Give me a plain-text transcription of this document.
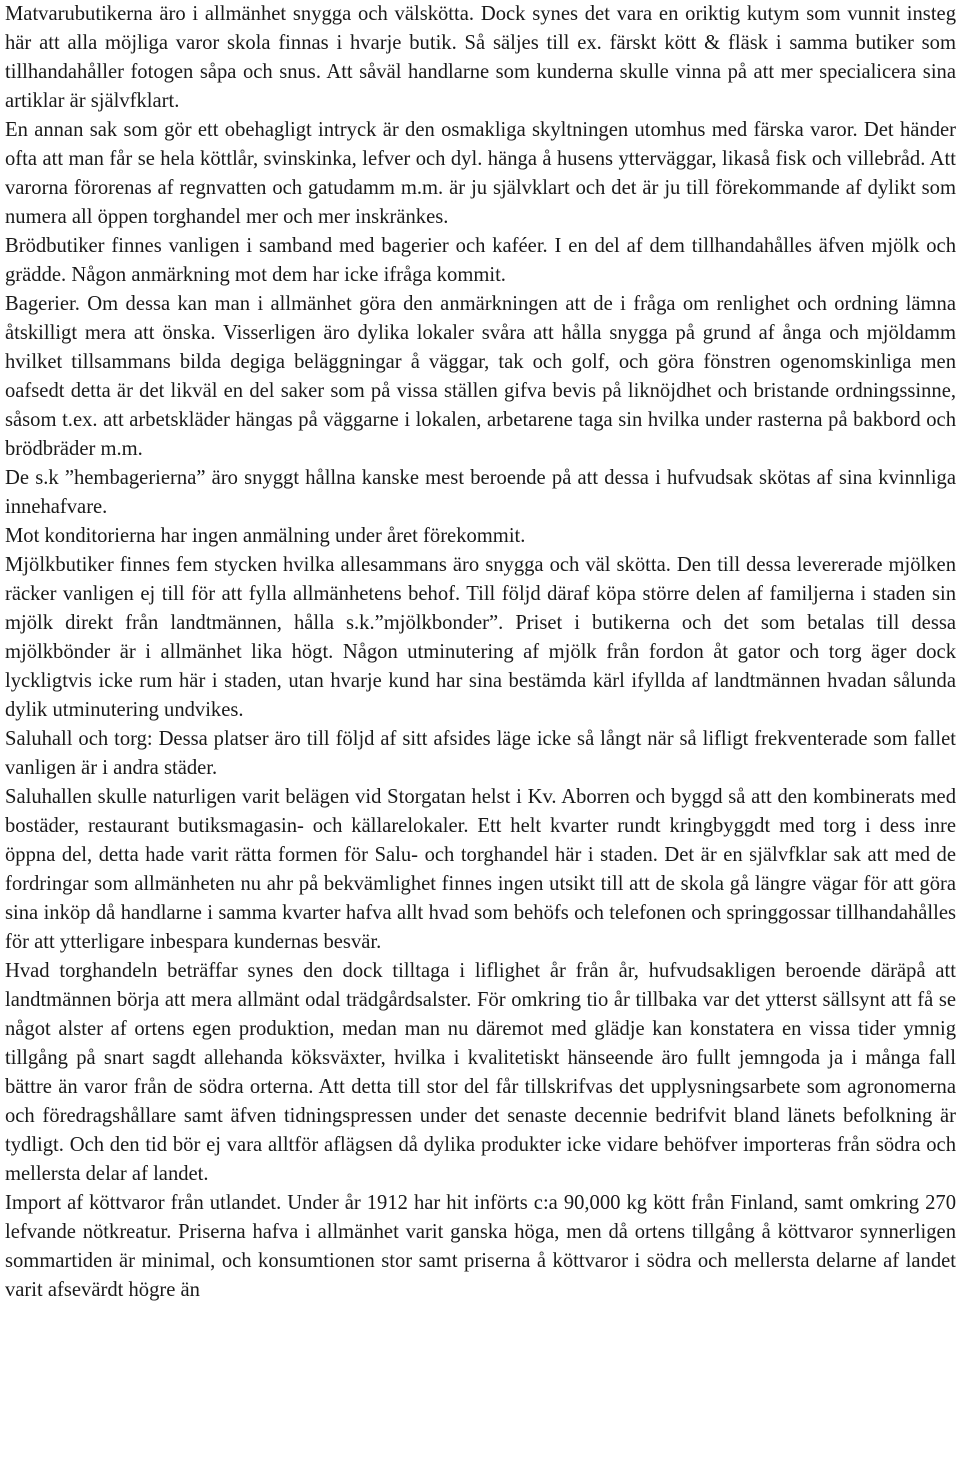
Matvarubutikerna äro i allmänhet snygga och välskötta. Dock synes det vara en oriktig kutym som vunnit insteg här att alla möjliga varor skola finnas i hvarje butik. Så säljes till ex. färskt kött & fläsk i samma butiker som tillhandahåller fotogen såpa och snus. Att såväl handlarne som kunderna skulle vinna på att mer specialicera sina artiklar är självfklart.

En annan sak som gör ett obehagligt intryck är den osmakliga skyltningen utomhus med färska varor. Det händer ofta att man får se hela köttlår, svinskinka, lefver och dyl. hänga å husens ytterväggar, likaså fisk och villebråd. Att varorna förorenas af regnvatten och gatudamm m.m. är ju självklart och det är ju till förekommande af dylikt som numera all öppen torghandel mer och mer inskränkes.

Brödbutiker finnes vanligen i samband med bagerier och kaféer. I en del af dem tillhandahålles äfven mjölk och grädde. Någon anmärkning mot dem har icke ifråga kommit.

Bagerier. Om dessa kan man i allmänhet göra den anmärkningen att de i fråga om renlighet och ordning lämna åtskilligt mera att önska. Visserligen äro dylika lokaler svåra att hålla snygga på grund af ånga och mjöldamm hvilket tillsammans bilda degiga beläggningar å väggar, tak och golf, och göra fönstren ogenomskinliga men oafsedt detta är det likväl en del saker som på vissa ställen gifva bevis på liknöjdhet och bristande ordningssinne, såsom t.ex. att arbetskläder hängas på väggarne i lokalen, arbetarene taga sin hvilka under rasterna på bakbord och brödbräder m.m.

De s.k ”hembagerierna” äro snyggt hållna kanske mest beroende på att dessa i hufvudsak skötas af sina kvinnliga innehafvare.

Mot konditorierna har ingen anmälning under året förekommit.

Mjölkbutiker finnes fem stycken hvilka allesammans äro snygga och väl skötta. Den till dessa levererade mjölken räcker vanligen ej till för att fylla allmänhetens behof. Till följd däraf köpa större delen af familjerna i staden sin mjölk direkt från landtmännen, hålla s.k.”mjölkbonder”. Priset i butikerna och det som betalas till dessa mjölkbönder är i allmänhet lika högt. Någon utminutering af mjölk från fordon åt gator och torg äger dock lyckligtvis icke rum här i staden, utan hvarje kund har sina bestämda kärl ifyllda af landtmännen hvadan sålunda dylik utminutering undvikes.

Saluhall och torg: Dessa platser äro till följd af sitt afsides läge icke så långt när så lifligt frekventerade som fallet vanligen är i andra städer.

Saluhallen skulle naturligen varit belägen vid Storgatan helst i Kv. Aborren och byggd så att den kombinerats med bostäder, restaurant butiksmagasin- och källarelokaler. Ett helt kvarter rundt kringbyggdt med torg i dess inre öppna del, detta hade varit rätta formen för Salu- och torghandel här i staden. Det är en självfklar sak att med de fordringar som allmänheten nu ahr på bekvämlighet finnes ingen utsikt till att de skola gå längre vägar för att göra sina inköp då handlarne i samma kvarter hafva allt hvad som behöfs och telefonen och springgossar tillhandahålles för att ytterligare inbespara kundernas besvär.

Hvad torghandeln beträffar synes den dock tilltaga i liflighet år från år, hufvudsakligen beroende däräpå att landtmännen börja att mera allmänt odal trädgårdsalster. För omkring tio år tillbaka var det ytterst sällsynt att få se något alster af ortens egen produktion, medan man nu däremot med glädje kan konstatera en vissa tider ymnig tillgång på snart sagdt allehanda köksväxter, hvilka i kvalitetiskt hänseende äro fullt jemngoda ja i många fall bättre än varor från de södra orterna. Att detta till stor del får tillskrifvas det upplysningsarbete som agronomerna och föredragshållare samt äfven tidningspressen under det senaste decennie bedrifvit bland länets befolkning är tydligt. Och den tid bör ej vara alltför aflägsen då dylika produkter icke vidare behöfver importeras från södra och mellersta delar af landet.

Import af köttvaror från utlandet. Under år 1912 har hit införts c:a 90,000 kg kött från Finland, samt omkring 270 lefvande nötkreatur. Priserna hafva i allmänhet varit ganska höga, men då ortens tillgång å köttvaror synnerligen sommartiden är minimal, och konsumtionen stor samt priserna å köttvaror i södra och mellersta delarne af landet varit afsevärdt högre än
